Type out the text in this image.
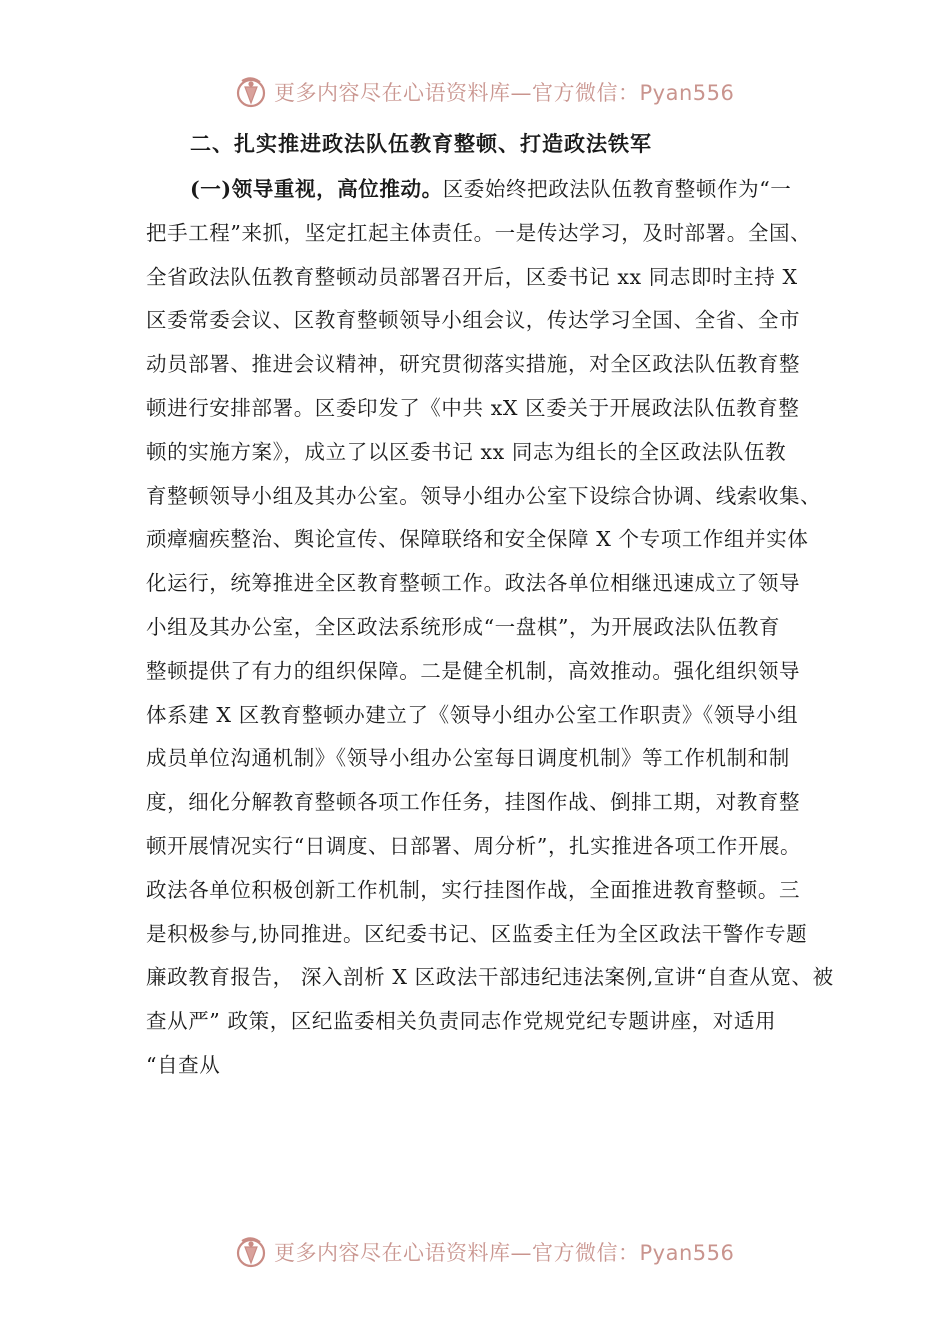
更多内容尽在心语资料库—官方微信：Pyan556
二、扎实推进政法队伍教育整顿、打造政法铁军
(一)领导重视，高位推动。区委始终把政法队伍教育整顿作为“一
把手工程”来抓，坚定扛起主体责任。一是传达学习，及时部署。全国、
全省政法队伍教育整顿动员部署召开后，区委书记 xx 同志即时主持 X
区委常委会议、区教育整顿领导小组会议，传达学习全国、全省、全市
动员部署、推进会议精神，研究贯彻落实措施，对全区政法队伍教育整
顿进行安排部署。区委印发了《中共 xX 区委关于开展政法队伍教育整
顿的实施方案》，成立了以区委书记 xx 同志为组长的全区政法队伍教
育整顿领导小组及其办公室。领导小组办公室下设综合协调、线索收集、
顽瘴痼疾整治、舆论宣传、保障联络和安全保障 X 个专项工作组并实体
化运行，统筹推进全区教育整顿工作。政法各单位相继迅速成立了领导
小组及其办公室，全区政法系统形成“一盘棋”，为开展政法队伍教育
整顿提供了有力的组织保障。二是健全机制，高效推动。强化组织领导
体系建 X 区教育整顿办建立了《领导小组办公室工作职责》《领导小组
成员单位沟通机制》《领导小组办公室每日调度机制》等工作机制和制
度，细化分解教育整顿各项工作任务，挂图作战、倒排工期，对教育整
顿开展情况实行“日调度、日部署、周分析”，扎实推进各项工作开展。
政法各单位积极创新工作机制，实行挂图作战，全面推进教育整顿。三
是积极参与,协同推进。区纪委书记、区监委主任为全区政法干警作专题
廉政教育报告， 深入剖析 X 区政法干部违纪违法案例,宣讲“自查从宽、被
查从严” 政策，区纪监委相关负责同志作党规党纪专题讲座，对适用
“自查从
更多内容尽在心语资料库—官方微信：Pyan556
